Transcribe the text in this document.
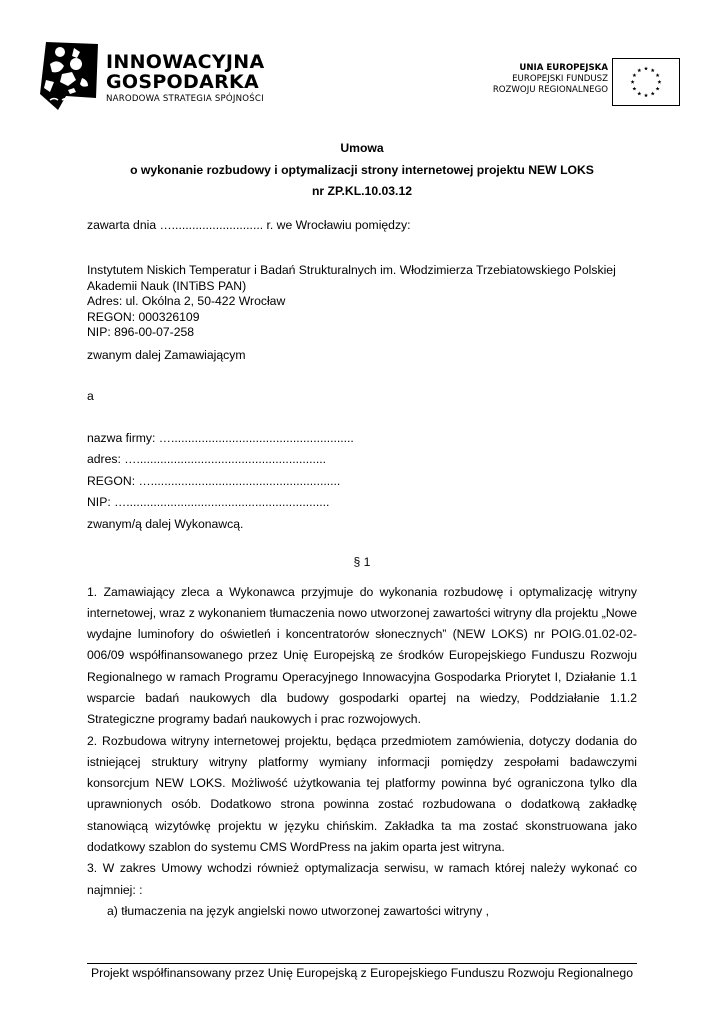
INNOWACYJNA
GOSPODARKA
NARODOWA STRATEGIA SPÓJNOŚCI
UNIA EUROPEJSKA
EUROPEJSKI FUNDUSZ
ROZWOJU REGIONALNEGO
Umowa
o wykonanie rozbudowy i optymalizacji strony internetowej projektu NEW LOKS
nr ZP.KL.10.03.12
zawarta dnia …........................... r. we Wrocławiu pomiędzy:
Instytutem Niskich Temperatur i Badań Strukturalnych im. Włodzimierza Trzebiatowskiego Polskiej Akademii Nauk (INTiBS PAN)
Adres: ul. Okólna 2, 50-422 Wrocław
REGON: 000326109
NIP: 896-00-07-258
zwanym dalej Zamawiającym
a
nazwa firmy: …......................................................
adres: …........................................................
REGON: …........................................................
NIP: …............................................................
zwanym/ą dalej Wykonawcą.
§ 1
1. Zamawiający zleca a Wykonawca przyjmuje do wykonania rozbudowę i optymalizację witryny internetowej, wraz z wykonaniem tłumaczenia nowo utworzonej zawartości witryny dla projektu „Nowe wydajne luminofory do oświetleń i koncentratorów słonecznych” (NEW LOKS) nr POIG.01.02-02-006/09 współfinansowanego przez Unię Europejską ze środków Europejskiego Funduszu Rozwoju Regionalnego w ramach Programu Operacyjnego Innowacyjna Gospodarka Priorytet I, Działanie 1.1 wsparcie badań naukowych dla budowy gospodarki opartej na wiedzy, Poddziałanie 1.1.2 Strategiczne programy badań naukowych i prac rozwojowych.
2. Rozbudowa witryny internetowej projektu, będąca przedmiotem zamówienia, dotyczy dodania do istniejącej struktury witryny platformy wymiany informacji pomiędzy zespołami badawczymi konsorcjum NEW LOKS. Możliwość użytkowania tej platformy powinna być ograniczona tylko dla uprawnionych osób. Dodatkowo strona powinna zostać rozbudowana o dodatkową zakładkę stanowiącą wizytówkę projektu w języku chińskim. Zakładka ta ma zostać skonstruowana jako dodatkowy szablon do systemu CMS WordPress na jakim oparta jest witryna.
3. W zakres Umowy wchodzi również optymalizacja serwisu, w ramach której należy wykonać co najmniej: :
a) tłumaczenia na język angielski nowo utworzonej zawartości witryny ,
Projekt współfinansowany przez Unię Europejską z Europejskiego Funduszu Rozwoju Regionalnego
